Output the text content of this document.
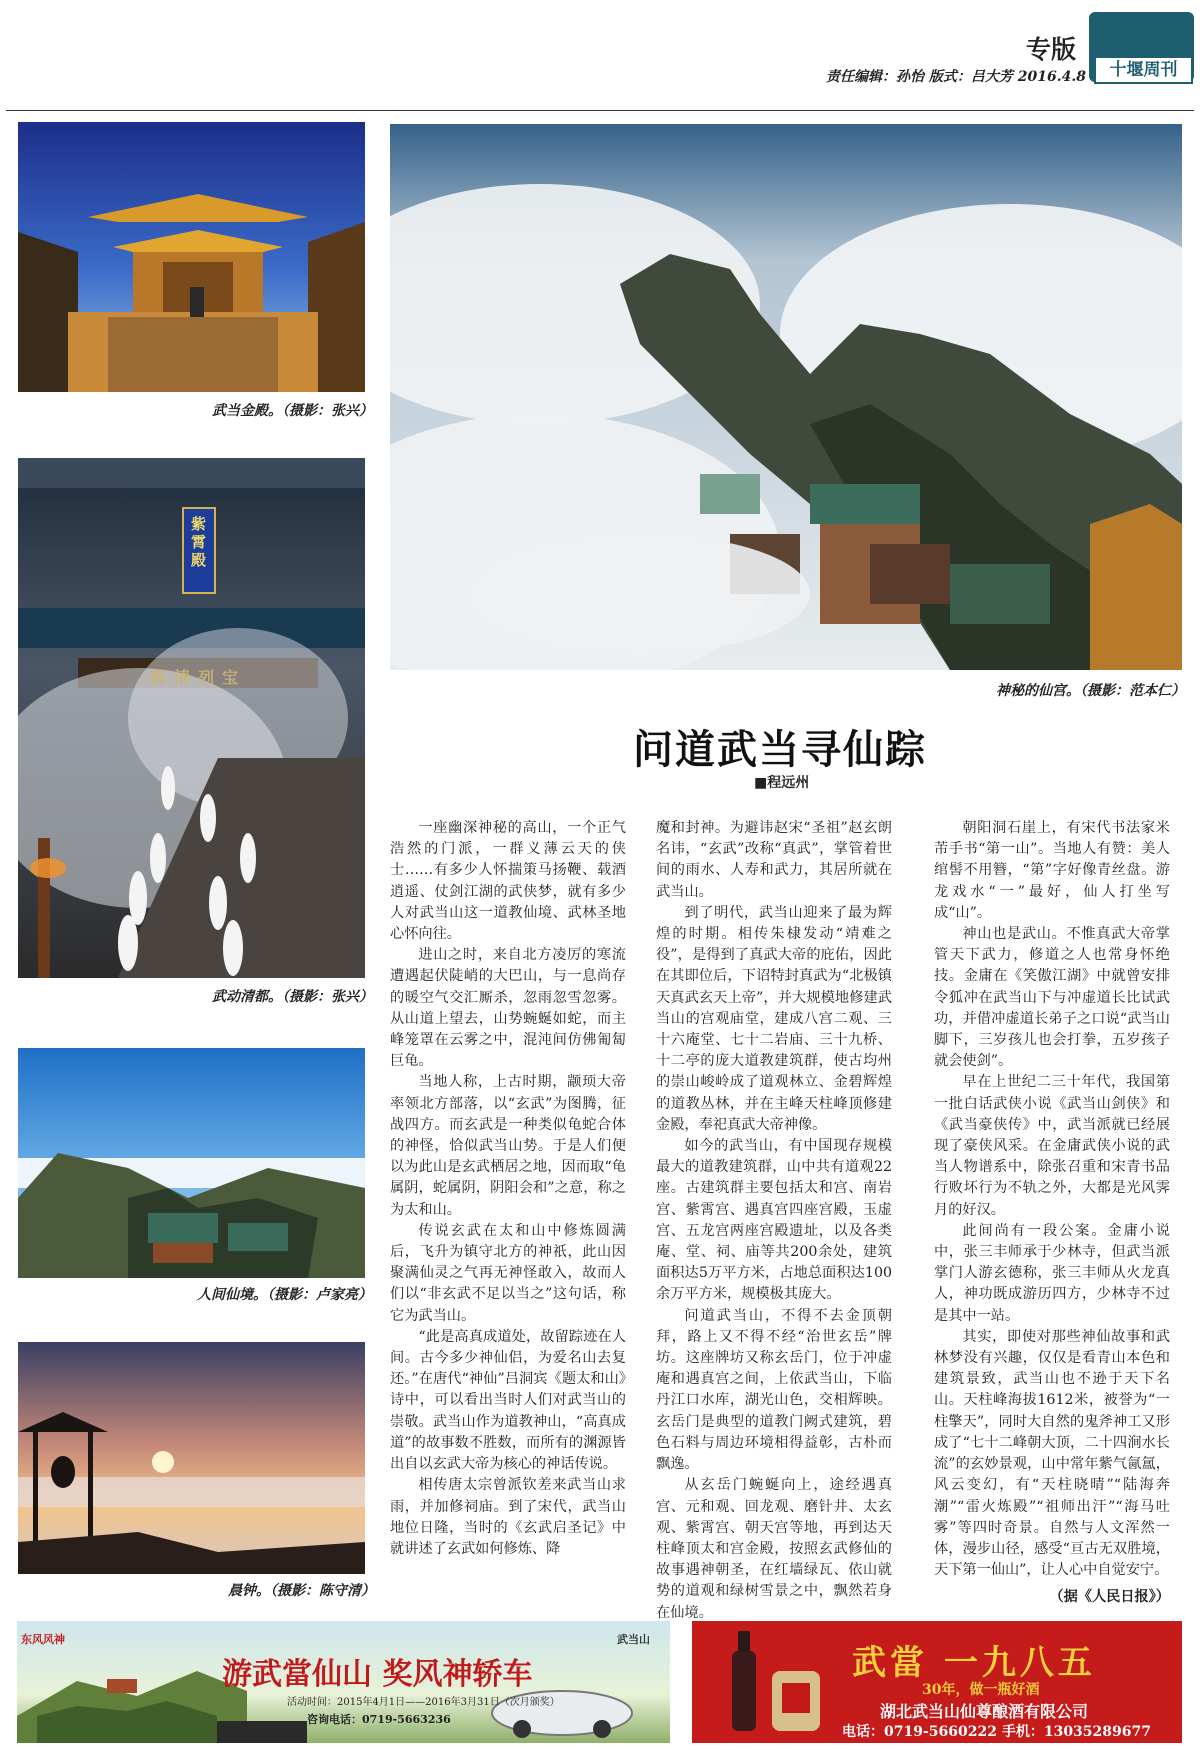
专版
责任编辑：孙怡 版式：吕大芳 2016.4.8	十堰周刊
武当金殿。（摄影：张兴）
紫霄殿
都清列宝
武动清都。（摄影：张兴）
人间仙境。（摄影：卢家亮）
晨钟。（摄影：陈守清）
神秘的仙宫。（摄影：范本仁）
问道武当寻仙踪
■程远州

一座幽深神秘的高山，一个正气浩然的门派，一群义薄云天的侠士……有多少人怀揣策马扬鞭、载酒逍遥、仗剑江湖的武侠梦，就有多少人对武当山这一道教仙境、武林圣地心怀向往。

进山之时，来自北方凌厉的寒流遭遇起伏陡峭的大巴山，与一息尚存的暖空气交汇厮杀，忽雨忽雪忽雾。从山道上望去，山势蜿蜒如蛇，而主峰笼罩在云雾之中，混沌间仿佛匍匐巨龟。

当地人称，上古时期，颛顼大帝率领北方部落，以“玄武”为图腾，征战四方。而玄武是一种类似龟蛇合体的神怪，恰似武当山势。于是人们便以为此山是玄武栖居之地，因而取“龟属阴，蛇属阴，阴阳会和”之意，称之为太和山。

传说玄武在太和山中修炼圆满后，飞升为镇守北方的神祇，此山因聚满仙灵之气再无神怪敢入，故而人们以“非玄武不足以当之”这句话，称它为武当山。

“此是高真成道处，故留踪迹在人间。古今多少神仙侣，为爱名山去复还。”在唐代“神仙”吕洞宾《题太和山》诗中，可以看出当时人们对武当山的崇敬。武当山作为道教神山，“高真成道”的故事数不胜数，而所有的渊源皆出自以玄武大帝为核心的神话传说。

相传唐太宗曾派钦差来武当山求雨，并加修祠庙。到了宋代，武当山地位日隆，当时的《玄武启圣记》中就讲述了玄武如何修炼、降

魔和封神。为避讳赵宋“圣祖”赵玄朗名讳，“玄武”改称“真武”，掌管着世间的雨水、人寿和武力，其居所就在武当山。

到了明代，武当山迎来了最为辉煌的时期。相传朱棣发动“靖难之役”，是得到了真武大帝的庇佑，因此在其即位后，下诏特封真武为“北极镇天真武玄天上帝”，并大规模地修建武当山的宫观庙堂，建成八宫二观、三十六庵堂、七十二岩庙、三十九桥、十二亭的庞大道教建筑群，使古均州的崇山峻岭成了道观林立、金碧辉煌的道教丛林，并在主峰天柱峰顶修建金殿，奉祀真武大帝神像。

如今的武当山，有中国现存规模最大的道教建筑群，山中共有道观22座。古建筑群主要包括太和宫、南岩宫、紫霄宫、遇真宫四座宫殿，玉虚宫、五龙宫两座宫殿遗址，以及各类庵、堂、祠、庙等共200余处，建筑面积达5万平方米，占地总面积达100余万平方米，规模极其庞大。

问道武当山，不得不去金顶朝拜，路上又不得不经“治世玄岳”牌坊。这座牌坊又称玄岳门，位于冲虚庵和遇真宫之间，上依武当山，下临丹江口水库，湖光山色，交相辉映。玄岳门是典型的道教门阙式建筑，碧色石料与周边环境相得益彰，古朴而飘逸。

从玄岳门蜿蜒向上，途经遇真宫、元和观、回龙观、磨针井、太玄观、紫霄宫、朝天宫等地，再到达天柱峰顶太和宫金殿，按照玄武修仙的故事遇神朝圣，在红墙绿瓦、依山就势的道观和绿树雪景之中，飘然若身在仙境。

朝阳洞石崖上，有宋代书法家米芾手书“第一山”。当地人有赞：美人绾髻不用簪，“第”字好像青丝盘。游龙戏水“一”最好，仙人打坐写成“山”。

神山也是武山。不惟真武大帝掌管天下武力，修道之人也常身怀绝技。金庸在《笑傲江湖》中就曾安排令狐冲在武当山下与冲虚道长比试武功，并借冲虚道长弟子之口说“武当山脚下，三岁孩儿也会打拳，五岁孩子就会使剑”。

早在上世纪二三十年代，我国第一批白话武侠小说《武当山剑侠》和《武当豪侠传》中，武当派就已经展现了豪侠风采。在金庸武侠小说的武当人物谱系中，除张召重和宋青书品行败坏行为不轨之外，大都是光风霁月的好汉。

此间尚有一段公案。金庸小说中，张三丰师承于少林寺，但武当派掌门人游玄德称，张三丰师从火龙真人，神功既成游历四方，少林寺不过是其中一站。

其实，即使对那些神仙故事和武林梦没有兴趣，仅仅是看青山本色和建筑景致，武当山也不逊于天下名山。天柱峰海拔1612米，被誉为“一柱擎天”，同时大自然的鬼斧神工又形成了“七十二峰朝大顶，二十四涧水长流”的玄妙景观，山中常年紫气氤氲，风云变幻，有“天柱晓晴”“陆海奔潮”“雷火炼殿”“祖师出汗”“海马吐雾”等四时奇景。自然与人文浑然一体，漫步山径，感受“亘古无双胜境，天下第一仙山”，让人心中自觉安宁。

（据《人民日报》）

东风风神	武当山
游武當仙山 奖风神轿车
活动时间：2015年4月1日——2016年3月31日（次月颁奖）
咨询电话：0719-5663236
武當 一九八五
30年，做一瓶好酒
湖北武当山仙尊酿酒有限公司
电话：0719-5660222 手机：13035289677
